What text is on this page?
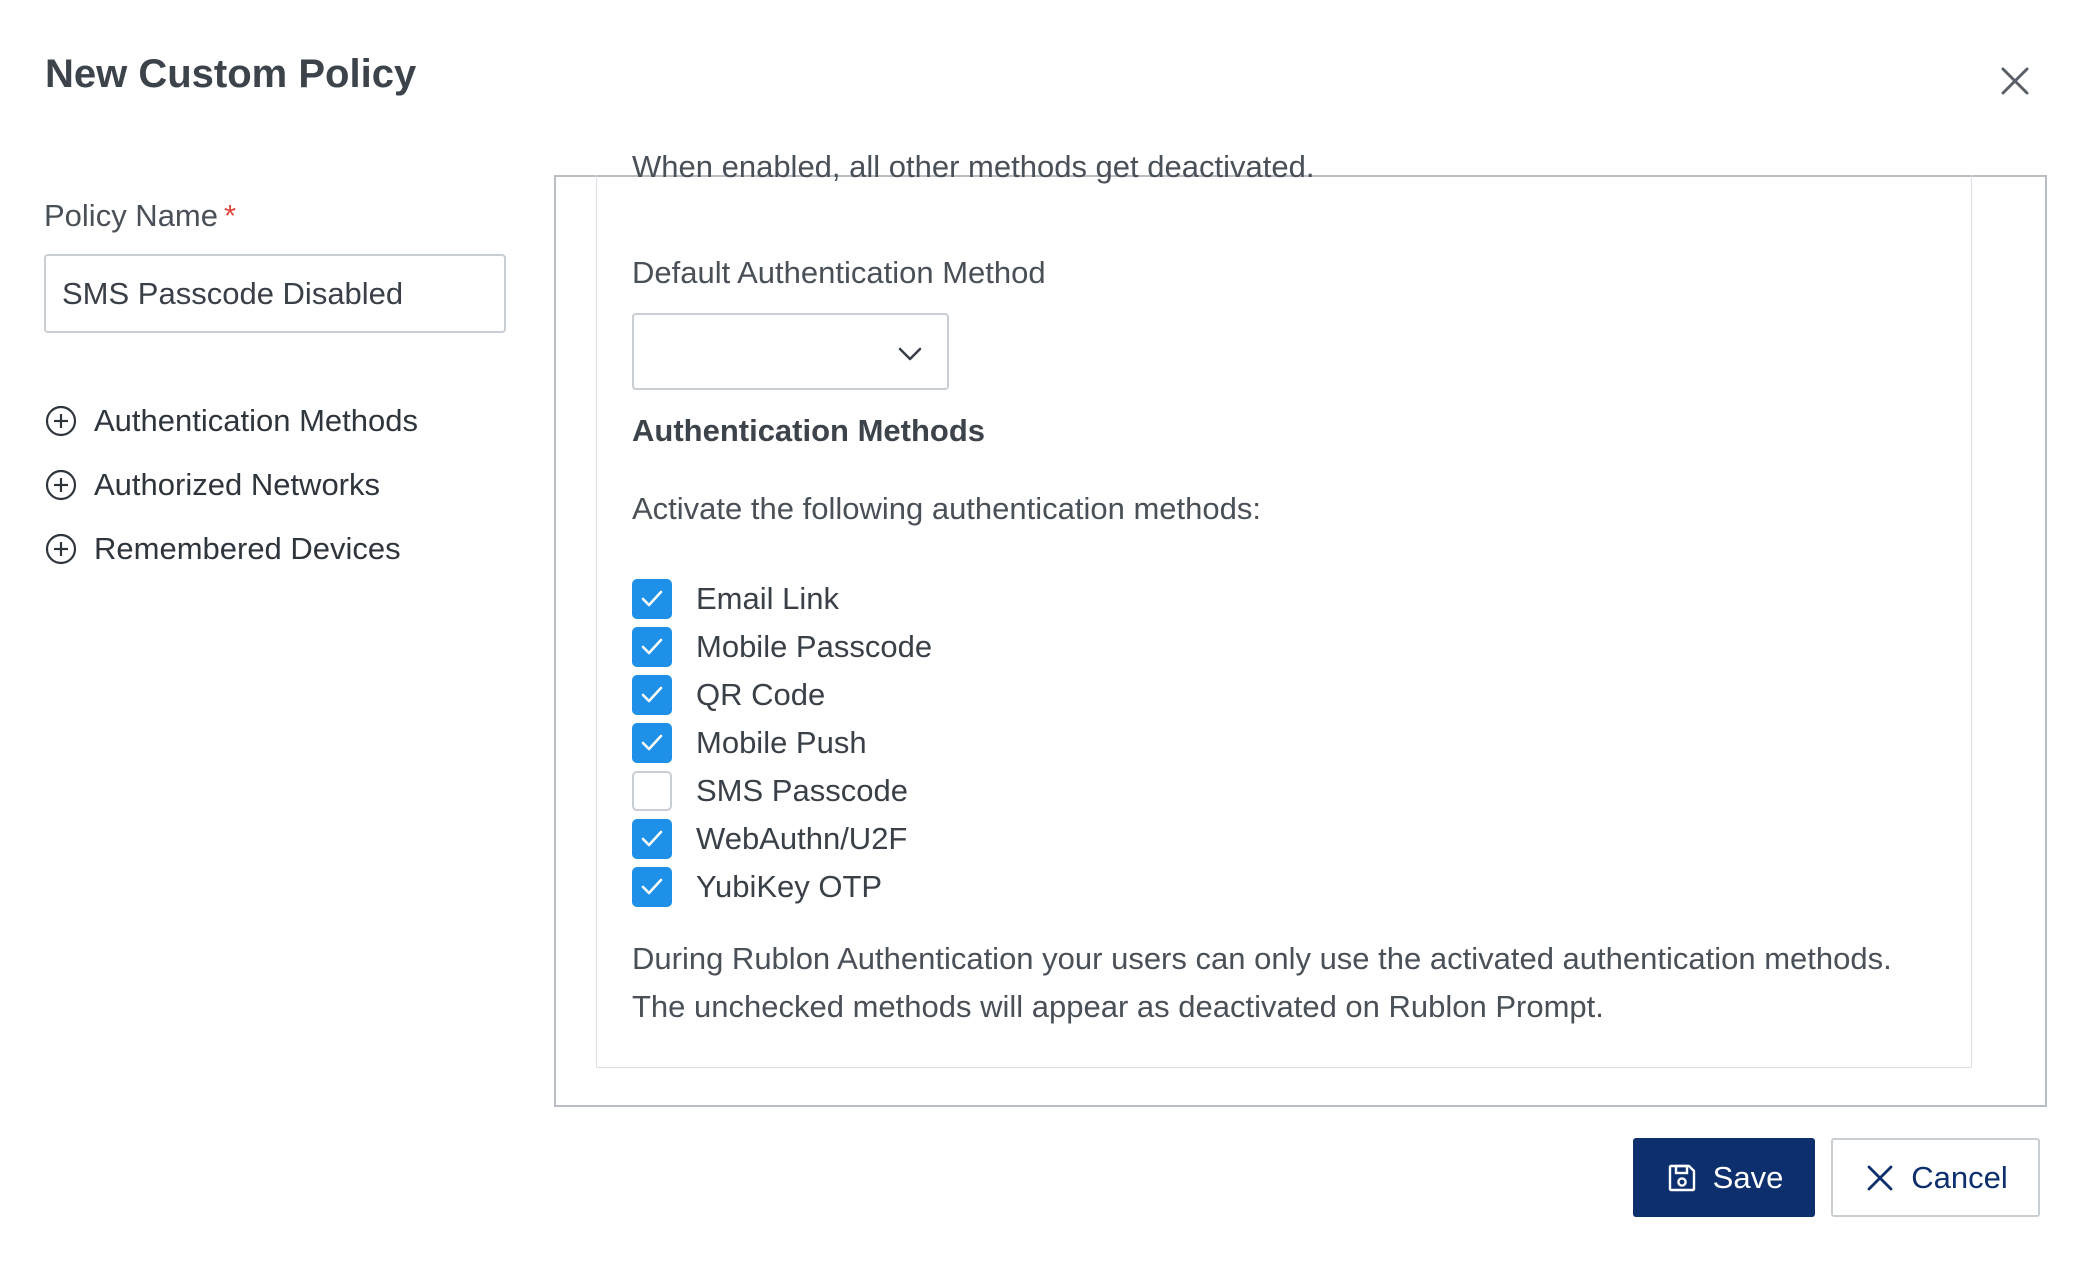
New Custom Policy
Policy Name *
SMS Passcode Disabled
Authentication Methods
Authorized Networks
Remembered Devices
When enabled, all other methods get deactivated.
Default Authentication Method
Authentication Methods
Activate the following authentication methods:
Email Link
Mobile Passcode
QR Code
Mobile Push
SMS Passcode
WebAuthn/U2F
YubiKey OTP

During Rublon Authentication your users can only use the activated authentication methods.

The unchecked methods will appear as deactivated on Rublon Prompt.

Save	Cancel
